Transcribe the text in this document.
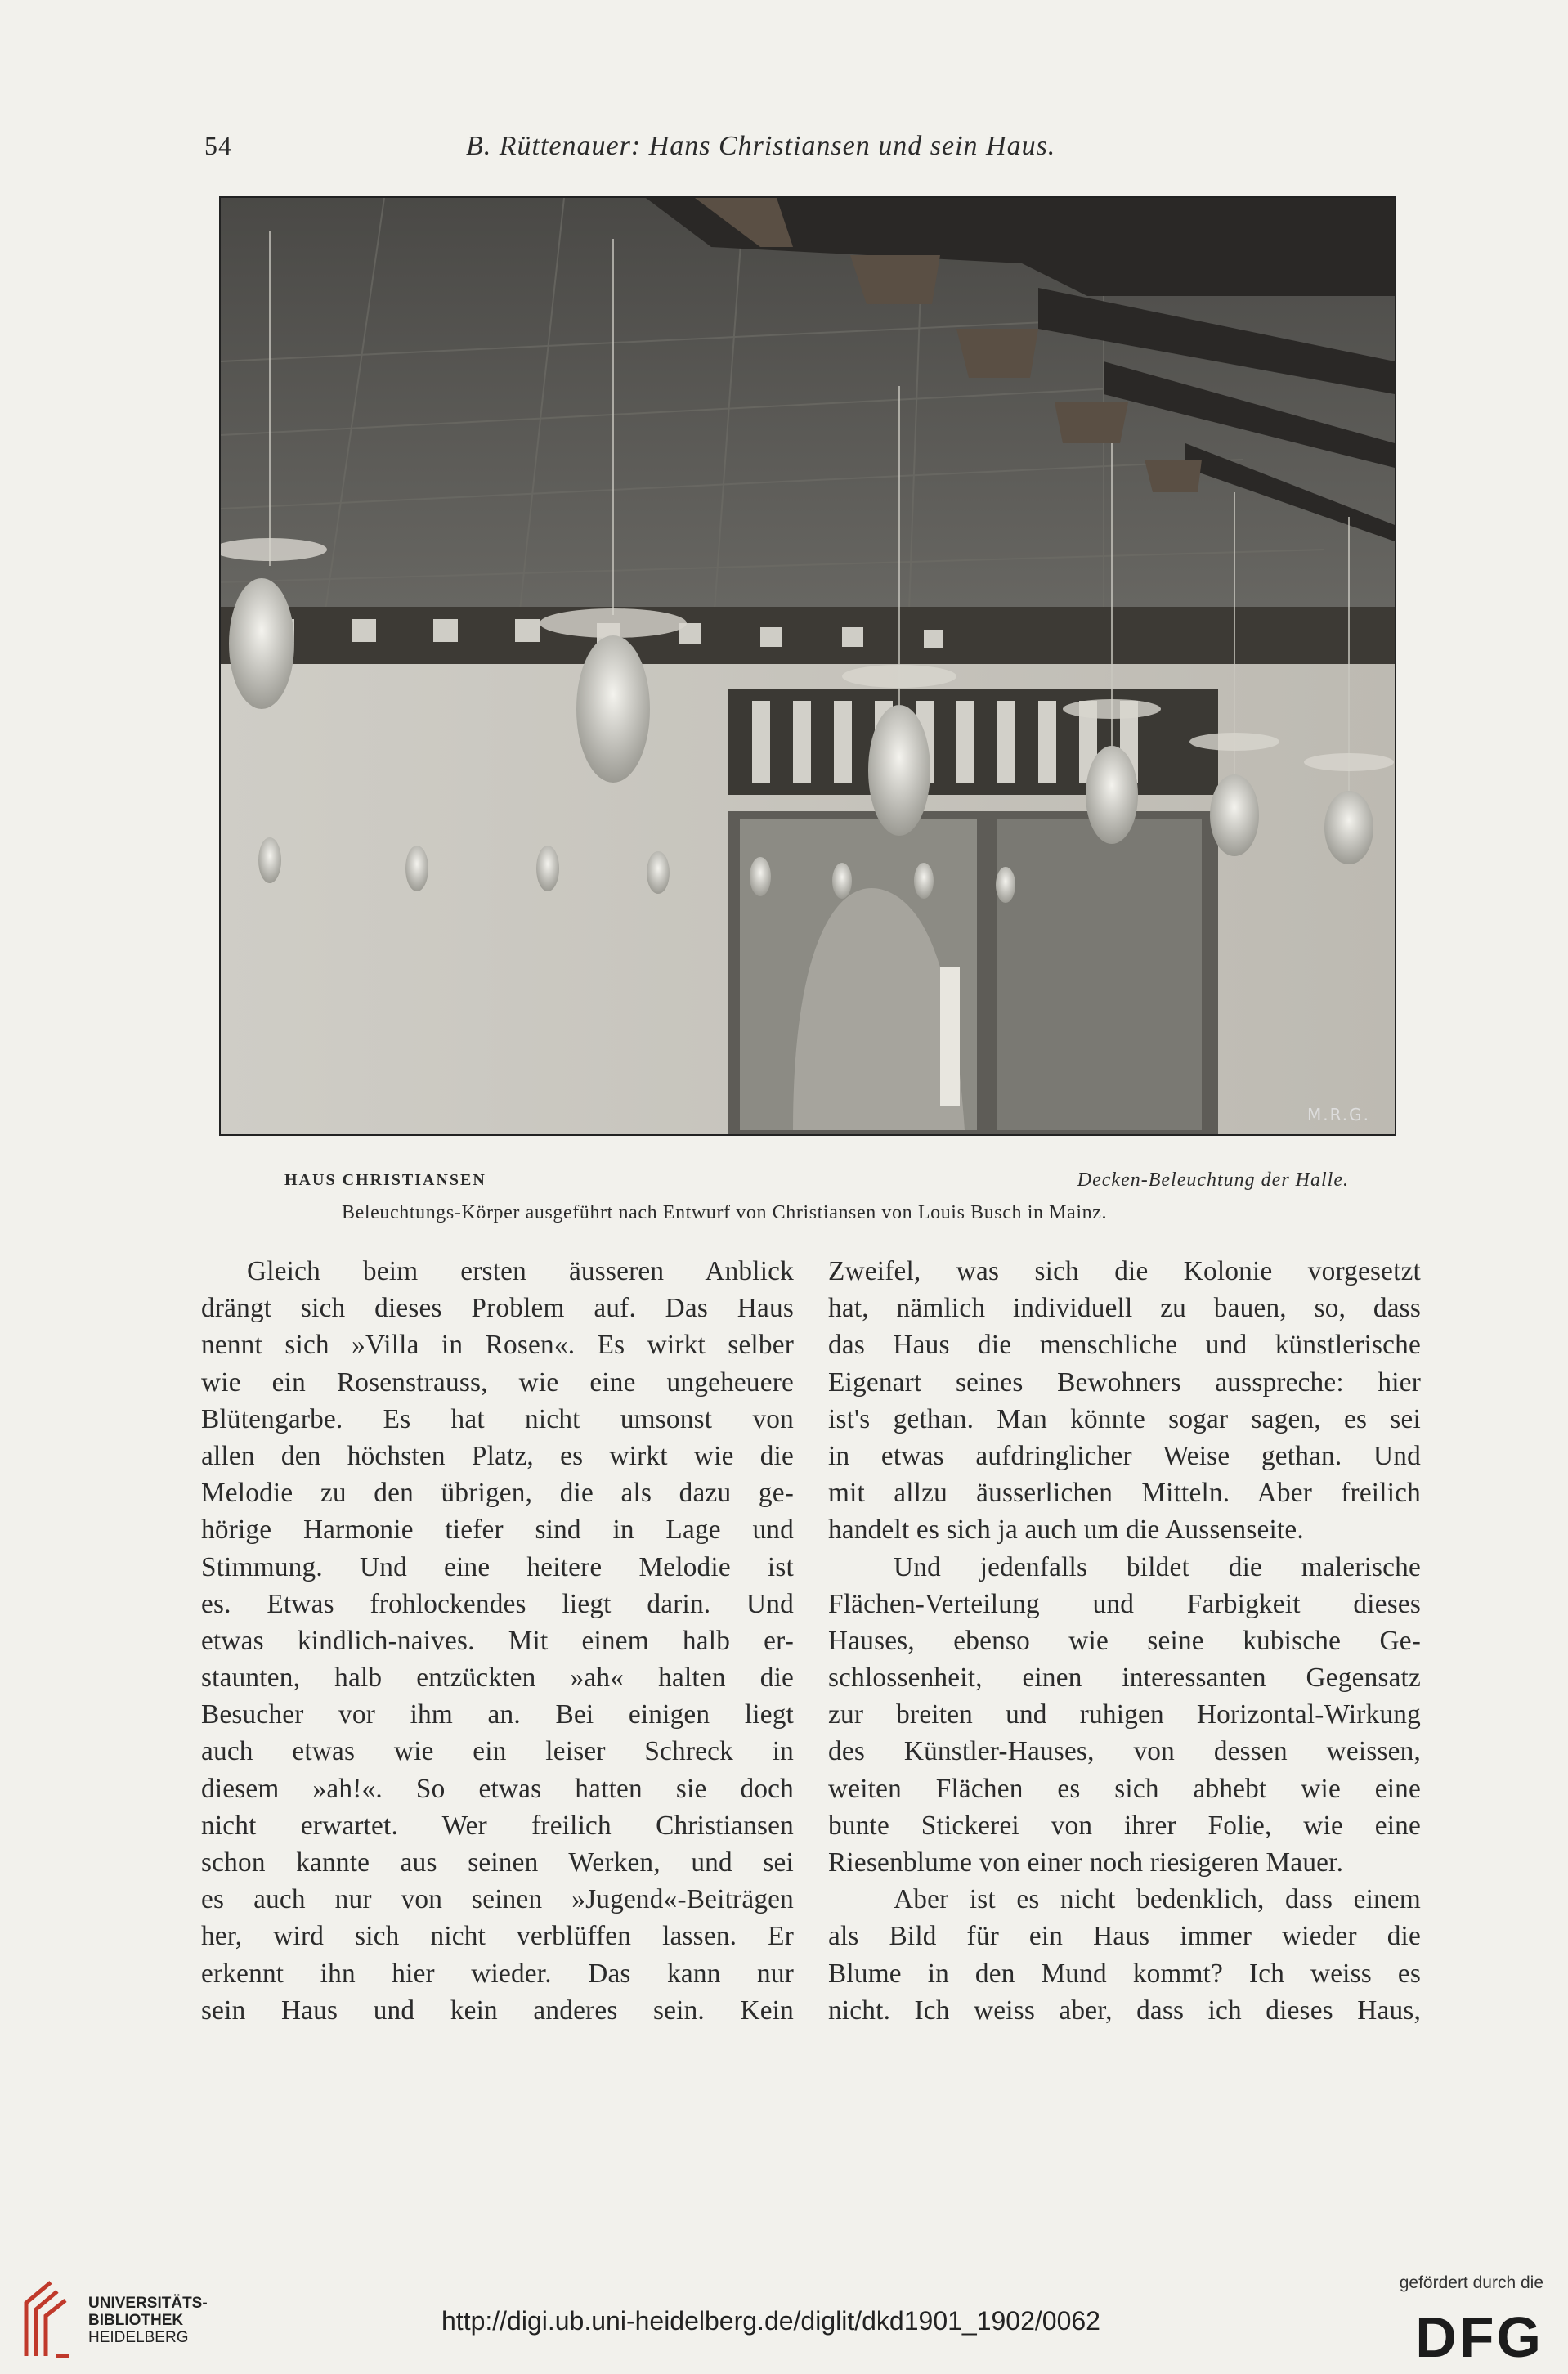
54	B. Rüttenauer: Hans Christiansen und sein Haus.
M.R.G.
HAUS CHRISTIANSEN	Decken-Beleuchtung der Halle.
Beleuchtungs-Körper ausgeführt nach Entwurf von Christiansen von Louis Busch in Mainz.
Gleich beim ersten äusseren Anblick
drängt sich dieses Problem auf. Das Haus
nennt sich »Villa in Rosen«. Es wirkt selber
wie ein Rosenstrauss, wie eine ungeheuere
Blütengarbe. Es hat nicht umsonst von
allen den höchsten Platz, es wirkt wie die
Melodie zu den übrigen, die als dazu ge-
hörige Harmonie tiefer sind in Lage und
Stimmung. Und eine heitere Melodie ist
es. Etwas frohlockendes liegt darin. Und
etwas kindlich-naives. Mit einem halb er-
staunten, halb entzückten »ah« halten die
Besucher vor ihm an. Bei einigen liegt
auch etwas wie ein leiser Schreck in
diesem »ah!«. So etwas hatten sie doch
nicht erwartet. Wer freilich Christiansen
schon kannte aus seinen Werken, und sei
es auch nur von seinen »Jugend«-Beiträgen
her, wird sich nicht verblüffen lassen. Er
erkennt ihn hier wieder. Das kann nur
sein Haus und kein anderes sein. Kein
Zweifel, was sich die Kolonie vorgesetzt
hat, nämlich individuell zu bauen, so, dass
das Haus die menschliche und künstlerische
Eigenart seines Bewohners ausspreche: hier
ist's gethan. Man könnte sogar sagen, es sei
in etwas aufdringlicher Weise gethan. Und
mit allzu äusserlichen Mitteln. Aber freilich
handelt es sich ja auch um die Aussenseite.
Und jedenfalls bildet die malerische
Flächen-Verteilung und Farbigkeit dieses
Hauses, ebenso wie seine kubische Ge-
schlossenheit, einen interessanten Gegensatz
zur breiten und ruhigen Horizontal-Wirkung
des Künstler-Hauses, von dessen weissen,
weiten Flächen es sich abhebt wie eine
bunte Stickerei von ihrer Folie, wie eine
Riesenblume von einer noch riesigeren Mauer.
Aber ist es nicht bedenklich, dass einem
als Bild für ein Haus immer wieder die
Blume in den Mund kommt? Ich weiss es
nicht. Ich weiss aber, dass ich dieses Haus,
UNIVERSITÄTS-
BIBLIOTHEK
HEIDELBERG
http://digi.ub.uni-heidelberg.de/diglit/dkd1901_1902/0062
gefördert durch die
DFG
